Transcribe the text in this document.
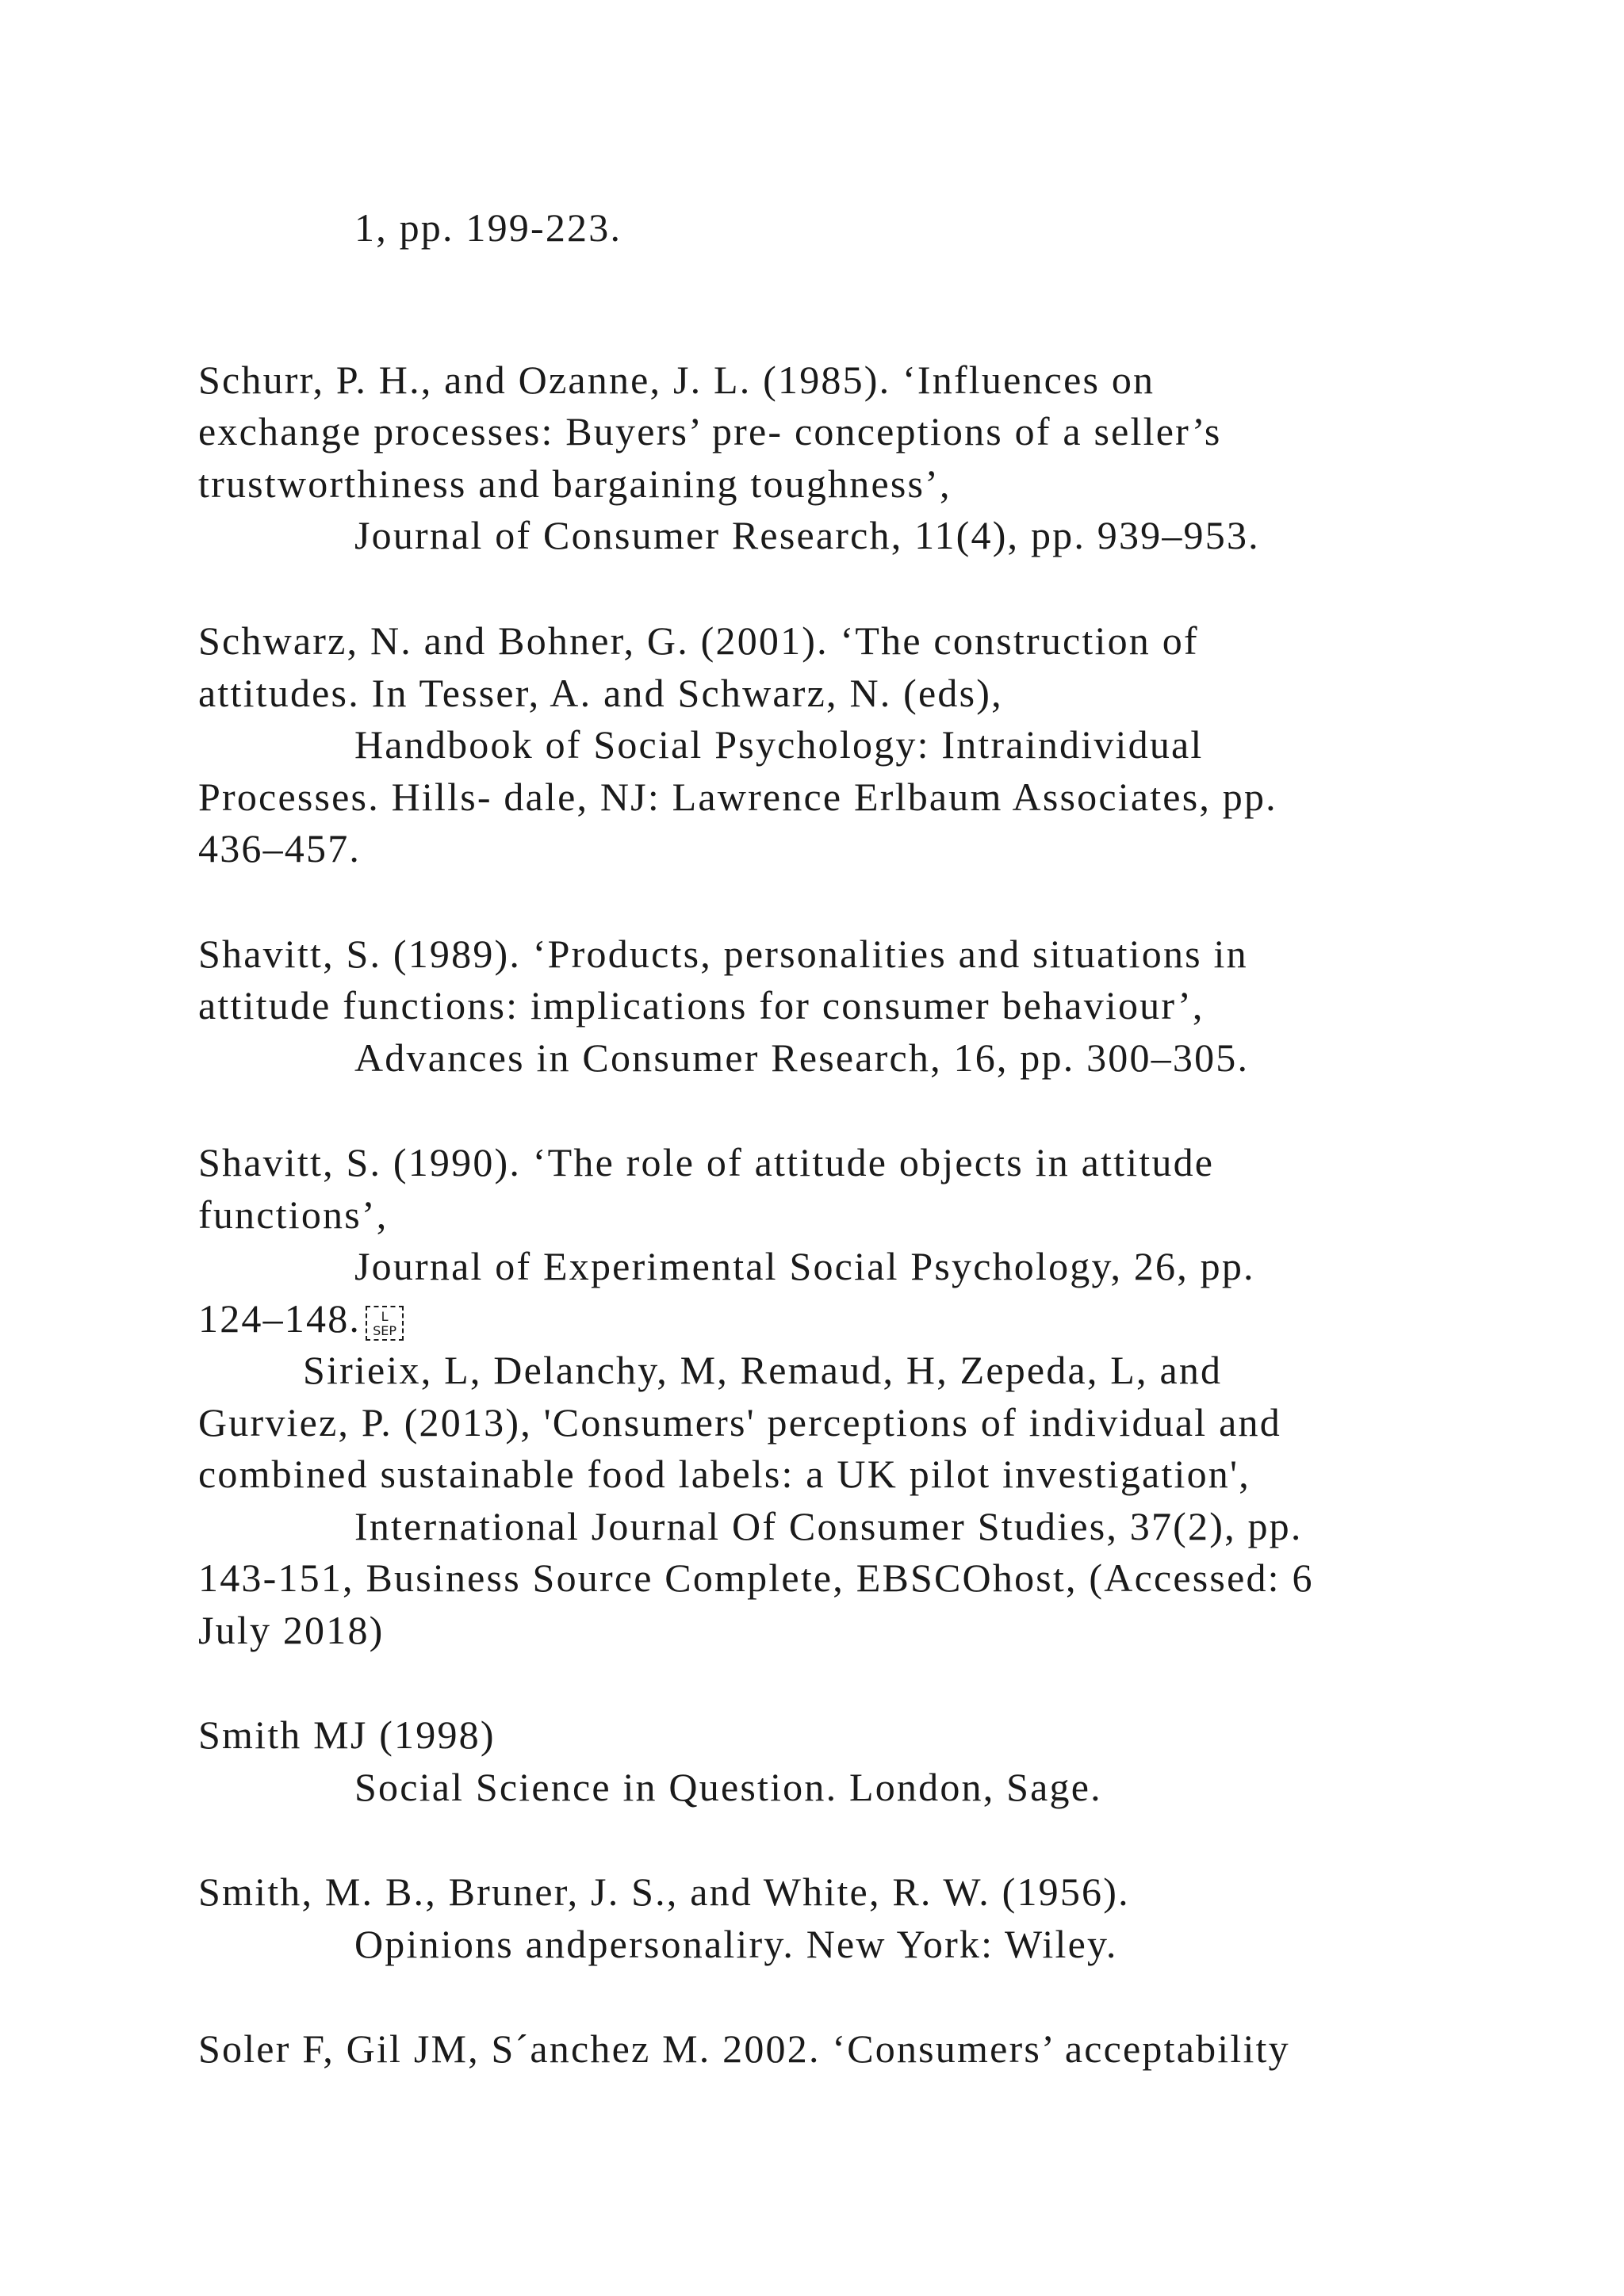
1, pp. 199-223.
Schurr, P. H., and Ozanne, J. L. (1985). ‘Influences on
exchange processes: Buyers’ pre- conceptions of a seller’s
trustworthiness and bargaining toughness’,
Journal of Consumer Research, 11(4), pp. 939–953.
Schwarz, N. and Bohner, G. (2001). ‘The construction of
attitudes. In Tesser, A. and Schwarz, N. (eds),
Handbook of Social Psychology: Intraindividual
Processes. Hills- dale, NJ: Lawrence Erlbaum Associates, pp.
436–457.
Shavitt, S. (1989). ‘Products, personalities and situations in
attitude functions: implications for consumer behaviour’,
Advances in Consumer Research, 16, pp. 300–305.
Shavitt, S. (1990). ‘The role of attitude objects in attitude
functions’,
Journal of Experimental Social Psychology, 26, pp.
124–148. L
SEP
Sirieix, L, Delanchy, M, Remaud, H, Zepeda, L, and
Gurviez, P. (2013), 'Consumers' perceptions of individual and
combined sustainable food labels: a UK pilot investigation',
International Journal Of Consumer Studies, 37(2), pp.
143-151, Business Source Complete, EBSCOhost, (Accessed: 6
July 2018)
Smith MJ (1998)
Social Science in Question. London, Sage.
Smith, M. B., Bruner, J. S., and White, R. W. (1956).
Opinions andpersonaliry. New York: Wiley.
Soler F, Gil JM, S´anchez M. 2002. ‘Consumers’ acceptability
